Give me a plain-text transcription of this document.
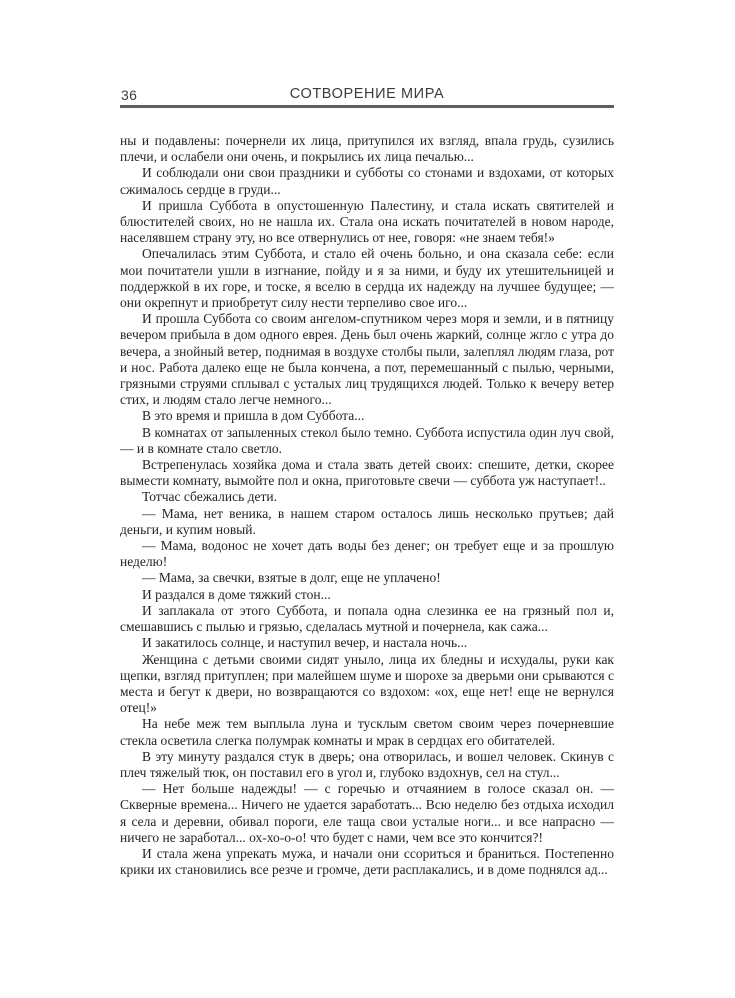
36	СОТВОРЕНИЕ МИРА

ны и подавлены: почернели их лица, притупился их взгляд, впала грудь, сузились плечи, и ослабели они очень, и покрылись их лица печалью...

И соблюдали они свои праздники и субботы со стонами и вздохами, от которых сжималось сердце в груди...

И пришла Суббота в опустошенную Палестину, и стала искать святителей и блюстителей своих, но не нашла их. Стала она искать почитателей в новом народе, населявшем страну эту, но все отвернулись от нее, говоря: «не знаем тебя!»

Опечалилась этим Суббота, и стало ей очень больно, и она сказала себе: если мои почитатели ушли в изгнание, пойду и я за ними, и буду их утешительницей и поддержкой в их горе, и тоске, я вселю в сердца их надежду на лучшее будущее; — они окрепнут и приобретут силу нести терпеливо свое иго...

И прошла Суббота со своим ангелом-спутником через моря и земли, и в пятницу вечером прибыла в дом одного еврея. День был очень жаркий, солнце жгло с утра до вечера, а знойный ветер, поднимая в воздухе столбы пыли, залеплял людям глаза, рот и нос. Работа далеко еще не была кончена, а пот, перемешанный с пылью, черными, грязными струями сплывал с усталых лиц трудящихся людей. Только к вечеру ветер стих, и людям стало легче немного...

В это время и пришла в дом Суббота...

В комнатах от запыленных стекол было темно. Суббота испустила один луч свой, — и в комнате стало светло.

Встрепенулась хозяйка дома и стала звать детей своих: спешите, детки, скорее вымести комнату, вымойте пол и окна, приготовьте свечи — суббота уж наступает!..

Тотчас сбежались дети.

— Мама, нет веника, в нашем старом осталось лишь несколько прутьев; дай деньги, и купим новый.

— Мама, водонос не хочет дать воды без денег; он требует еще и за прошлую неделю!

— Мама, за свечки, взятые в долг, еще не уплачено!

И раздался в доме тяжкий стон...

И заплакала от этого Суббота, и попала одна слезинка ее на грязный пол и, смешавшись с пылью и грязью, сделалась мутной и почернела, как сажа...

И закатилось солнце, и наступил вечер, и настала ночь...

Женщина с детьми своими сидят уныло, лица их бледны и исхудалы, руки как щепки, взгляд притуплен; при малейшем шуме и шорохе за дверьми они срываются с места и бегут к двери, но возвращаются со вздохом: «ох, еще нет! еще не вернулся отец!»

На небе меж тем выплыла луна и тусклым светом своим через почерневшие стекла осветила слегка полумрак комнаты и мрак в сердцах его обитателей.

В эту минуту раздался стук в дверь; она отворилась, и вошел человек. Скинув с плеч тяжелый тюк, он поставил его в угол и, глубоко вздохнув, сел на стул...

— Нет больше надежды! — с горечью и отчаянием в голосе сказал он. — Скверные времена... Ничего не удается заработать... Всю неделю без отдыха исходил я села и деревни, обивал пороги, еле таща свои усталые ноги... и все напрасно — ничего не заработал... ох-хо-о-о! что будет с нами, чем все это кончится?!

И стала жена упрекать мужа, и начали они ссориться и браниться. Постепенно крики их становились все резче и громче, дети расплакались, и в доме поднялся ад...
